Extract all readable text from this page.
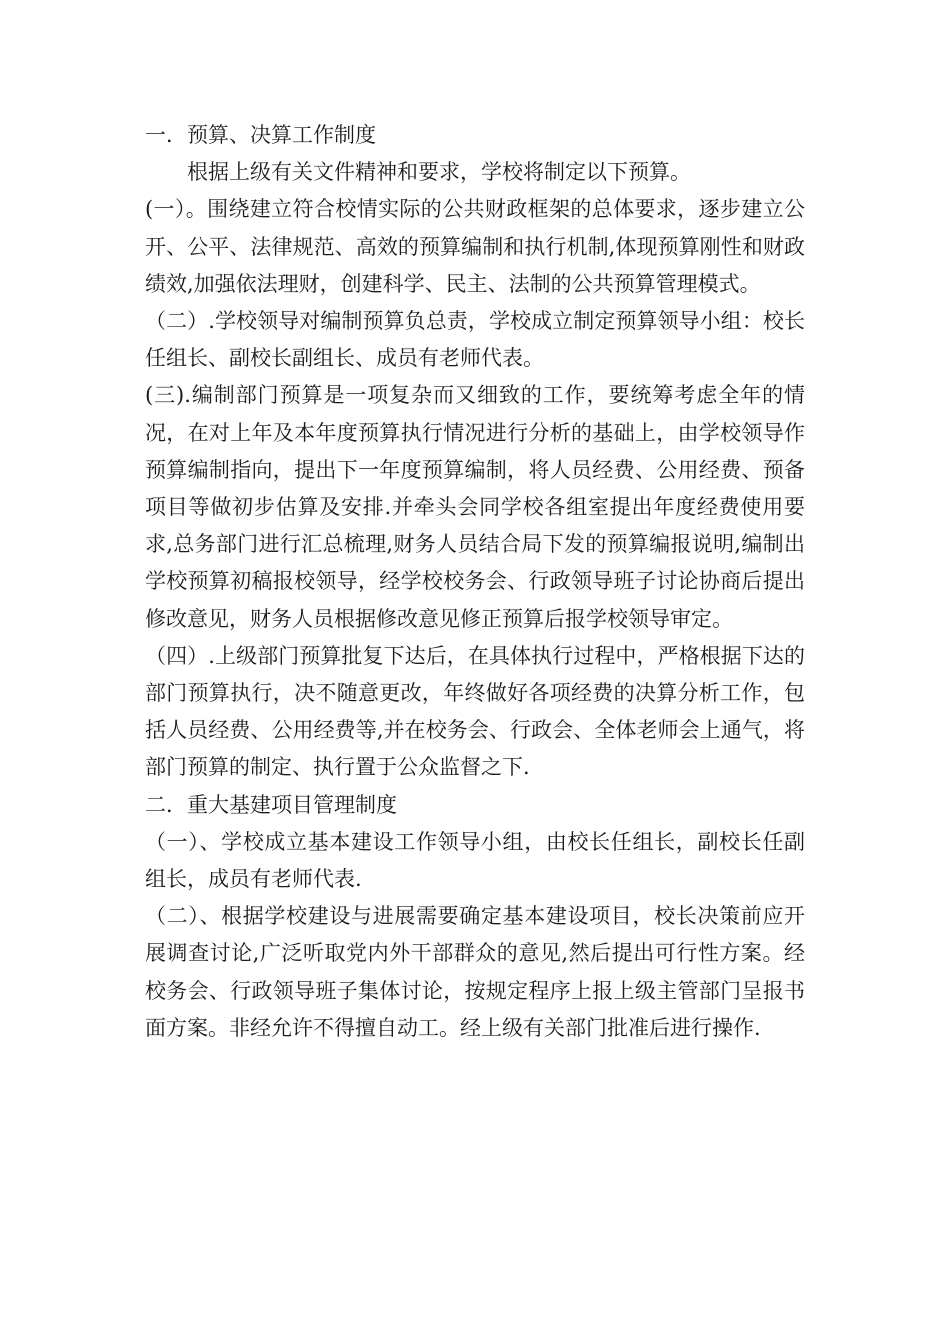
一．预算、决算工作制度

根据上级有关文件精神和要求，学校将制定以下预算。

(一）。围绕建立符合校情实际的公共财政框架的总体要求，逐步建立公开、公平、法律规范、高效的预算编制和执行机制,体现预算刚性和财政绩效,加强依法理财，创建科学、民主、法制的公共预算管理模式。

（二）.学校领导对编制预算负总责，学校成立制定预算领导小组：校长任组长、副校长副组长、成员有老师代表。

(三).编制部门预算是一项复杂而又细致的工作，要统筹考虑全年的情况，在对上年及本年度预算执行情况进行分析的基础上，由学校领导作预算编制指向，提出下一年度预算编制，将人员经费、公用经费、预备项目等做初步估算及安排.并牵头会同学校各组室提出年度经费使用要求,总务部门进行汇总梳理,财务人员结合局下发的预算编报说明,编制出学校预算初稿报校领导，经学校校务会、行政领导班子讨论协商后提出修改意见，财务人员根据修改意见修正预算后报学校领导审定。

（四）.上级部门预算批复下达后，在具体执行过程中，严格根据下达的部门预算执行，决不随意更改，年终做好各项经费的决算分析工作，包括人员经费、公用经费等,并在校务会、行政会、全体老师会上通气，将部门预算的制定、执行置于公众监督之下.

二．重大基建项目管理制度

（一）、学校成立基本建设工作领导小组，由校长任组长，副校长任副组长，成员有老师代表.

（二）、根据学校建设与进展需要确定基本建设项目，校长决策前应开展调查讨论,广泛听取党内外干部群众的意见,然后提出可行性方案。经校务会、行政领导班子集体讨论，按规定程序上报上级主管部门呈报书面方案。非经允许不得擅自动工。经上级有关部门批准后进行操作.
